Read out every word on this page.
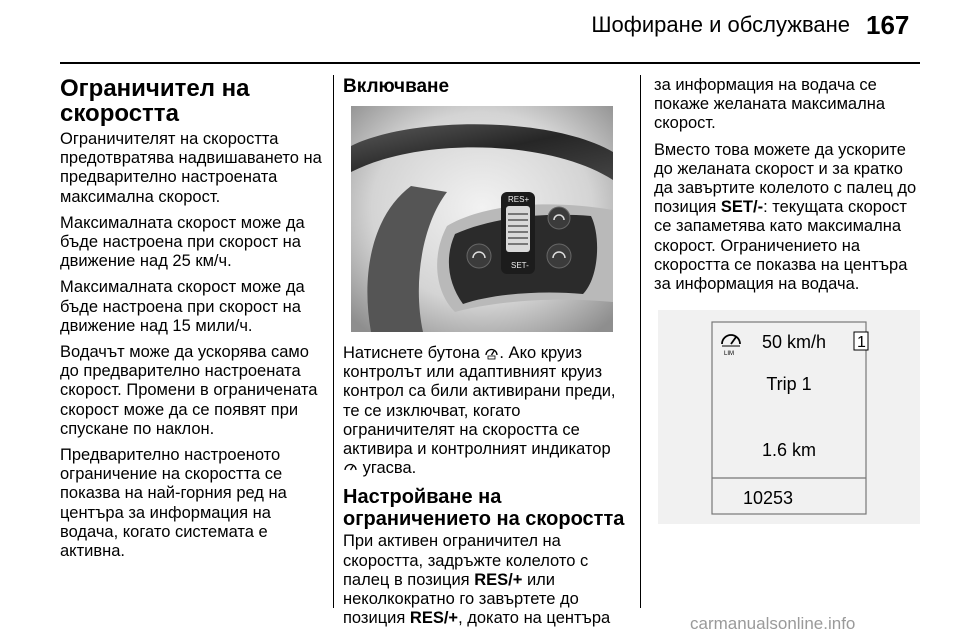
Шофиране и обслужване 167
Ограничител на
скоростта

Ограничителят на скоростта предотвратява надвишаването на предварително настроената максимална скорост.

Максималната скорост може да бъде настроена при скорост на движение над 25 км/ч.

Максималната скорост може да бъде настроена при скорост на движение над 15 мили/ч.

Водачът може да ускорява само до предварително настроената скорост. Промени в ограничената скорост може да се появят при спускане по наклон.

Предварително настроеното ограничение на скоростта се показва на най-горния ред на центъра за информация на водача, когато системата е активна.

Включване
RES+
SET-

Натиснете бутона . Ако круиз контролът или адаптивният круиз контрол са били активирани преди, те се изключват, когато ограничителят на скоростта се активира и контролният индикатор  угасва.

Настройване на
ограничението на скоростта

При активен ограничител на скоростта, задръжте колелото с палец в позиция RES/+ или неколкократно го завъртете до позиция RES/+, докато на центъра

за информация на водача се покаже желаната максимална скорост.

Вместо това можете да ускорите до желаната скорост и за кратко да завъртите колелото с палец до позиция SET/-: текущата скорост се запаметява като максимална скорост. Ограничението на скоростта се показва на центъра за информация на водача.

LIM
50 km/h 1
Trip 1
1.6 km
10253
carmanualsonline.info
